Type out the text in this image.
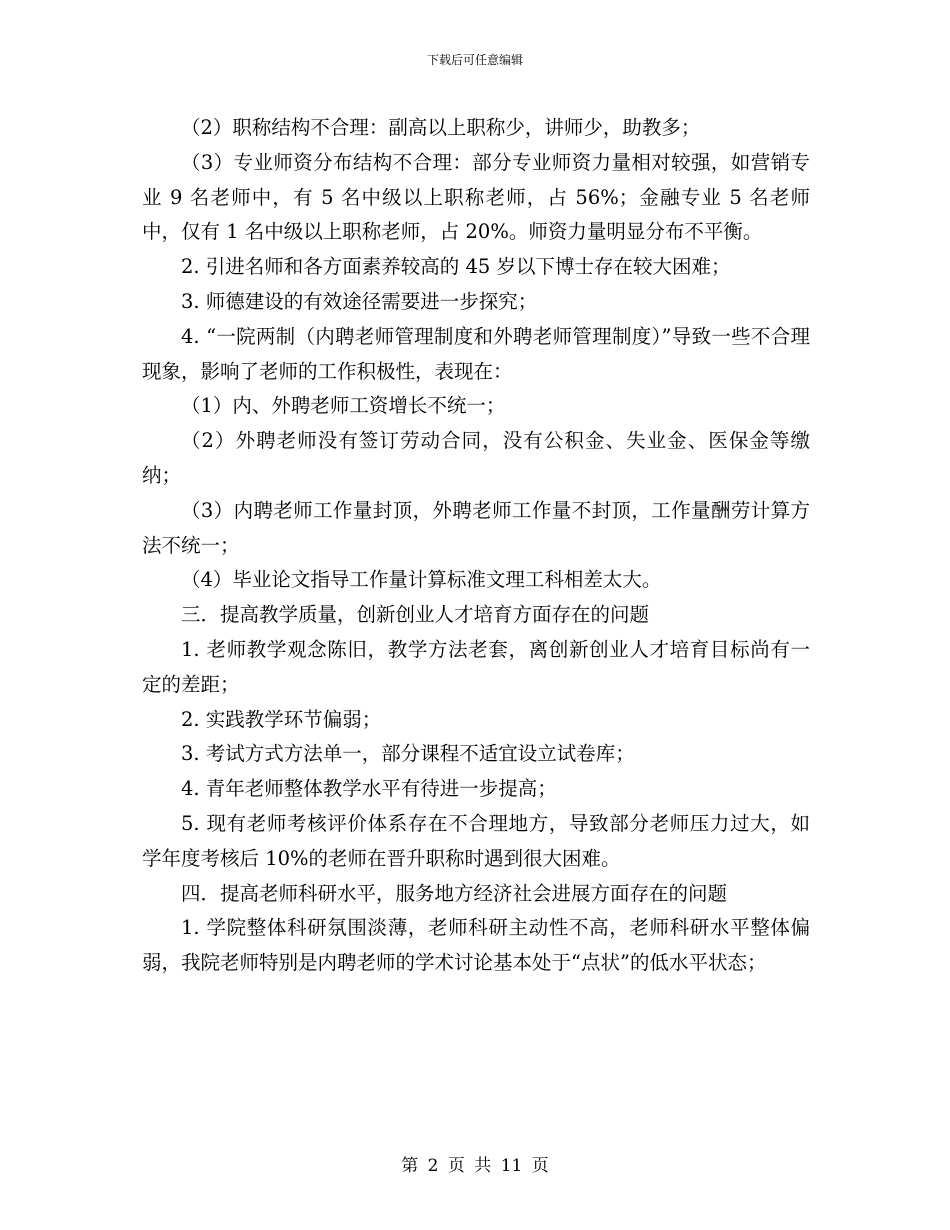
下载后可任意编辑

（2）职称结构不合理：副高以上职称少，讲师少，助教多；

（3）专业师资分布结构不合理：部分专业师资力量相对较强，如营销专业 9 名老师中，有 5 名中级以上职称老师，占 56%；金融专业 5 名老师中，仅有 1 名中级以上职称老师，占 20%。师资力量明显分布不平衡。

2. 引进名师和各方面素养较高的 45 岁以下博士存在较大困难；

3. 师德建设的有效途径需要进一步探究；

4. “一院两制（内聘老师管理制度和外聘老师管理制度）”导致一些不合理现象，影响了老师的工作积极性，表现在：

（1）内、外聘老师工资增长不统一；

（2）外聘老师没有签订劳动合同，没有公积金、失业金、医保金等缴纳；

（3）内聘老师工作量封顶，外聘老师工作量不封顶，工作量酬劳计算方法不统一；

（4）毕业论文指导工作量计算标准文理工科相差太大。

三．提高教学质量，创新创业人才培育方面存在的问题

1. 老师教学观念陈旧，教学方法老套，离创新创业人才培育目标尚有一定的差距；

2. 实践教学环节偏弱；

3. 考试方式方法单一，部分课程不适宜设立试卷库；

4. 青年老师整体教学水平有待进一步提高；

5. 现有老师考核评价体系存在不合理地方，导致部分老师压力过大，如学年度考核后 10%的老师在晋升职称时遇到很大困难。

四．提高老师科研水平，服务地方经济社会进展方面存在的问题

1. 学院整体科研氛围淡薄，老师科研主动性不高，老师科研水平整体偏弱，我院老师特别是内聘老师的学术讨论基本处于“点状”的低水平状态；

第 2 页 共 11 页
